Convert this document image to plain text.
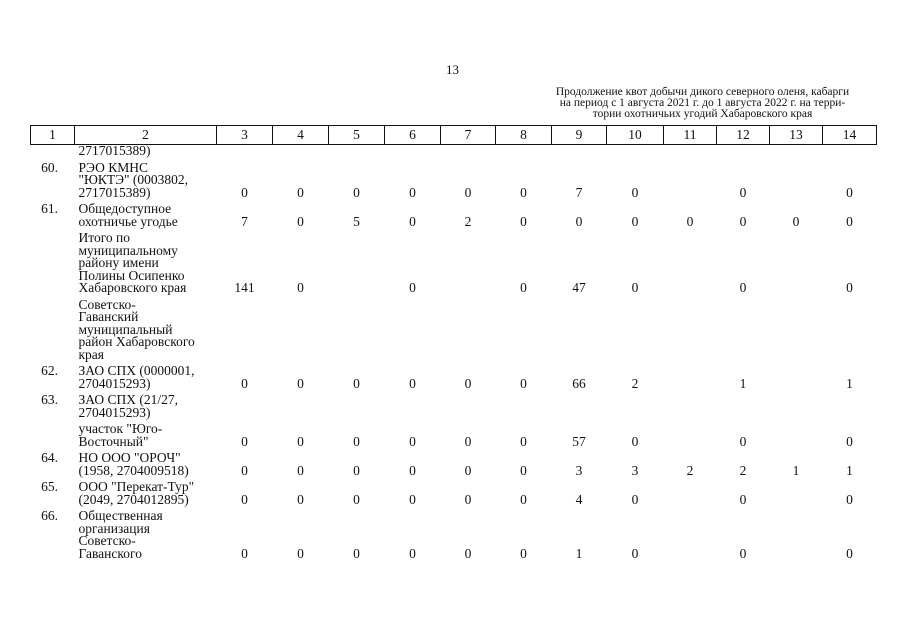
13
Продолжение квот добычи дикого северного оленя, кабарги
на период с 1 августа 2021 г. до 1 августа 2022 г. на терри-
тории охотничьих угодий Хабаровского края
1	2	3	4	5	6	7	8	9	10	11	12	13	14

	2717015389)												

60.	РЭО КМНС
"ЮКТЭ" (0003802,
2717015389)	0	0	0	0	0	0	7	0		0		0
61.	Общедоступное
охотничье угодье	7	0	5	0	2	0	0	0	0	0	0	0

	Итого по
муниципальному
району имени
Полины Осипенко
Хабаровского края	141	0		0		0	47	0		0		0

	Советско-
Гаванский
муниципальный
район Хабаровского
края												

62.	ЗАО СПХ (0000001,
2704015293)	0	0	0	0	0	0	66	2		1		1
63.	ЗАО СПХ (21/27,
2704015293)												

	участок "Юго-
Восточный"	0	0	0	0	0	0	57	0		0		0
64.	НО ООО "ОРОЧ"
(1958, 2704009518)	0	0	0	0	0	0	3	3	2	2	1	1
65.	ООО "Перекат-Тур"
(2049, 2704012895)	0	0	0	0	0	0	4	0		0		0
66.	Общественная
организация
Советско-
Гаванского	0	0	0	0	0	0	1	0		0		0
